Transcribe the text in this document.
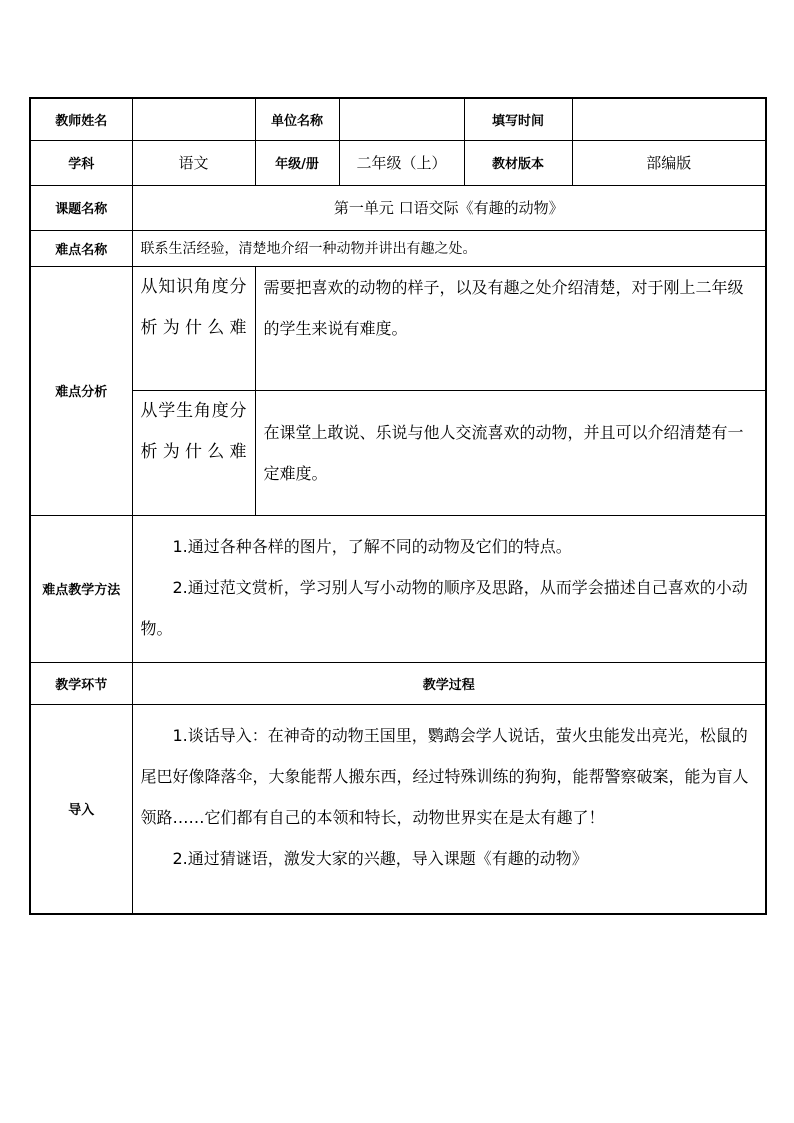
教师姓名		单位名称		填写时间	
学科	语文	年级/册	二年级（上）	教材版本	部编版
课题名称	第一单元 口语交际《有趣的动物》				
难点名称	联系生活经验，清楚地介绍一种动物并讲出有趣之处。				
难点分析	从知识角度分析为什么难	需要把喜欢的动物的样子，以及有趣之处介绍清楚，对于刚上二年级的学生来说有难度。			
	从学生角度分析为什么难	在课堂上敢说、乐说与他人交流喜欢的动物，并且可以介绍清楚有一定难度。			
难点教学方法	1.通过各种各样的图片，了解不同的动物及它们的特点。

2.通过范文赏析，学习别人写小动物的顺序及思路，从而学会描述自己喜欢的小动物。				

教学环节	教学过程				
导入	1.谈话导入：在神奇的动物王国里，鹦鹉会学人说话，萤火虫能发出亮光，松鼠的尾巴好像降落伞，大象能帮人搬东西，经过特殊训练的狗狗，能帮警察破案，能为盲人领路……它们都有自己的本领和特长，动物世界实在是太有趣了！

2.通过猜谜语，激发大家的兴趣，导入课题《有趣的动物》				
